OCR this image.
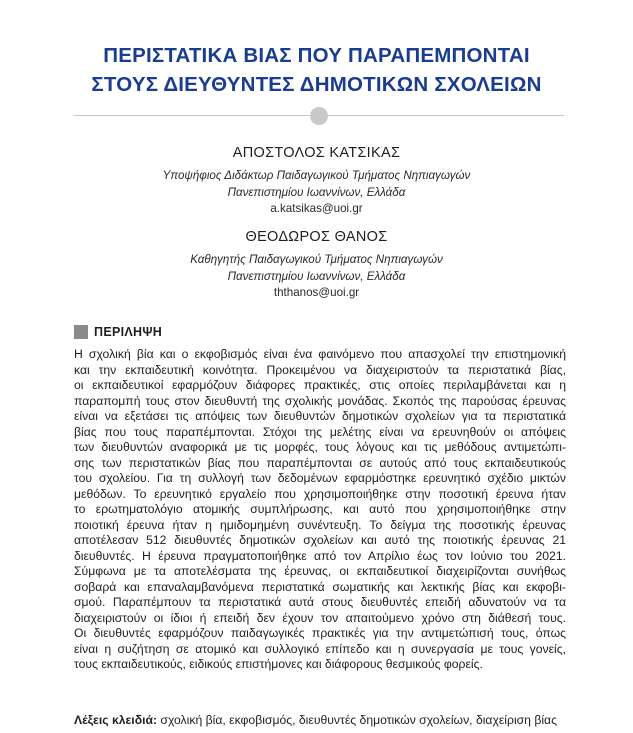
ΠΕΡΙΣΤΑΤΙΚΑ ΒΙΑΣ ΠΟΥ ΠΑΡΑΠΕΜΠΟΝΤΑΙ
ΣΤΟΥΣ ΔΙΕΥΘΥΝΤΕΣ ΔΗΜΟΤΙΚΩΝ ΣΧΟΛΕΙΩΝ
ΑΠΟΣΤΟΛΟΣ ΚΑΤΣΙΚΑΣ
Υποψήφιος Διδάκτωρ Παιδαγωγικού Τμήματος Νηπιαγωγών
Πανεπιστημίου Ιωαννίνων, Ελλάδα
a.katsikas@uoi.gr
ΘΕΟΔΩΡΟΣ ΘΑΝΟΣ
Καθηγητής Παιδαγωγικού Τμήματος Νηπιαγωγών
Πανεπιστημίου Ιωαννίνων, Ελλάδα
ththanos@uoi.gr
ΠΕΡΙΛΗΨΗ
Η σχολική βία και ο εκφοβισμός είναι ένα φαινόμενο που απασχολεί την επιστημονική
και την εκπαιδευτική κοινότητα. Προκειμένου να διαχειριστούν τα περιστατικά βίας,
οι εκπαιδευτικοί εφαρμόζουν διάφορες πρακτικές, στις οποίες περιλαμβάνεται και η
παραπομπή τους στον διευθυντή της σχολικής μονάδας. Σκοπός της παρούσας έρευνας
είναι να εξετάσει τις απόψεις των διευθυντών δημοτικών σχολείων για τα περιστατικά
βίας που τους παραπέμπονται. Στόχοι της μελέτης είναι να ερευνηθούν οι απόψεις
των διευθυντών αναφορικά με τις μορφές, τους λόγους και τις μεθόδους αντιμετώπι-
σης των περιστατικών βίας που παραπέμπονται σε αυτούς από τους εκπαιδευτικούς
του σχολείου. Για τη συλλογή των δεδομένων εφαρμόστηκε ερευνητικό σχέδιο μικτών
μεθόδων. Το ερευνητικό εργαλείο που χρησιμοποιήθηκε στην ποσοτική έρευνα ήταν
το ερωτηματολόγιο ατομικής συμπλήρωσης, και αυτό που χρησιμοποιήθηκε στην
ποιοτική έρευνα ήταν η ημιδομημένη συνέντευξη. Το δείγμα της ποσοτικής έρευνας
αποτέλεσαν 512 διευθυντές δημοτικών σχολείων και αυτό της ποιοτικής έρευνας 21
διευθυντές. Η έρευνα πραγματοποιήθηκε από τον Απρίλιο έως τον Ιούνιο του 2021.
Σύμφωνα με τα αποτελέσματα της έρευνας, οι εκπαιδευτικοί διαχειρίζονται συνήθως
σοβαρά και επαναλαμβανόμενα περιστατικά σωματικής και λεκτικής βίας και εκφοβι-
σμού. Παραπέμπουν τα περιστατικά αυτά στους διευθυντές επειδή αδυνατούν να τα
διαχειριστούν οι ίδιοι ή επειδή δεν έχουν τον απαιτούμενο χρόνο στη διάθεσή τους.
Οι διευθυντές εφαρμόζουν παιδαγωγικές πρακτικές για την αντιμετώπισή τους, όπως
είναι η συζήτηση σε ατομικό και συλλογικό επίπεδο και η συνεργασία με τους γονείς,
τους εκπαιδευτικούς, ειδικούς επιστήμονες και διάφορους θεσμικούς φορείς.
Λέξεις κλειδιά: σχολική βία, εκφοβισμός, διευθυντές δημοτικών σχολείων, διαχείριση βίας
